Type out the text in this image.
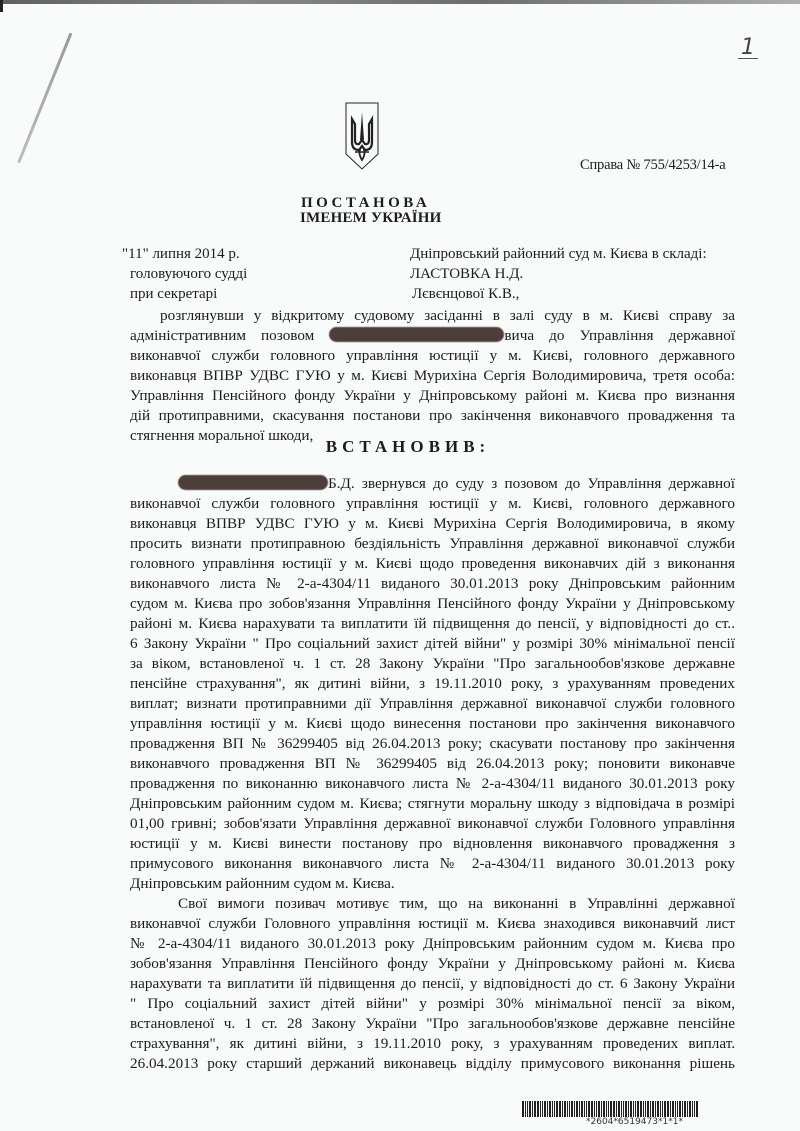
1
Справа № 755/4253/14-а
ПОСТАНОВА
ІМЕНЕМ УКРАЇНИ
"11" липня 2014 р.	Дніпровський районний суд м. Києва в складі:
головуючого судді	ЛАСТОВКА Н.Д.
при секретарі	Лєвєнцової К.В.,
розглянувши у відкритому судовому засіданні в залі суду в м. Києві справу за
адміністративним позовом	вича до Управління державної
виконавчої служби головного управління юстиції у м. Києві, головного державного
виконавця ВПВР УДВС ГУЮ у м. Києві Мурихіна Сергія Володимировича, третя особа:
Управління Пенсійного фонду України у Дніпровському районі м. Києва про визнання
дій протиправними, скасування постанови про закінчення виконавчого провадження та
стягнення моральної шкоди,
ВСТАНОВИВ:
Б.Д. звернувся до суду з позовом до Управління державної
виконавчої служби головного управління юстиції у м. Києві, головного державного
виконавця ВПВР УДВС ГУЮ у м. Києві Мурихіна Сергія Володимировича, в якому
просить визнати протиправною бездіяльність Управління державної виконавчої служби
головного управління юстиції у м. Києві щодо проведення виконавчих дій з виконання
виконавчого листа № 2-а-4304/11 виданого 30.01.2013 року Дніпровським районним
судом м. Києва про зобов'язання Управління Пенсійного фонду України у Дніпровському
районі м. Києва нарахувати та виплатити їй підвищення до пенсії, у відповідності до ст..
6 Закону України " Про соціальний захист дітей війни" у розмірі 30% мінімальної пенсії
за віком, встановленої ч. 1 ст. 28 Закону України "Про загальнообов'язкове державне
пенсійне страхування", як дитині війни, з 19.11.2010 року, з урахуванням проведених
виплат; визнати протиправними дії Управління державної виконавчої служби головного
управління юстиції у м. Києві щодо винесення постанови про закінчення виконавчого
провадження ВП № 36299405 від 26.04.2013 року; скасувати постанову про закінчення
виконавчого провадження ВП № 36299405 від 26.04.2013 року; поновити виконавче
провадження по виконанню виконавчого листа № 2-а-4304/11 виданого 30.01.2013 року
Дніпровським районним судом м. Києва; стягнути моральну шкоду з відповідача в розмірі
01,00 гривні; зобов'язати Управління державної виконавчої служби Головного управління
юстиції у м. Києві винести постанову про відновлення виконавчого провадження з
примусового виконання виконавчого листа № 2-а-4304/11 виданого 30.01.2013 року
Дніпровським районним судом м. Києва.
Свої вимоги позивач мотивує тим, що на виконанні в Управлінні державної
виконавчої служби Головного управління юстиції м. Києва знаходився виконавчий лист
№ 2-а-4304/11 виданого 30.01.2013 року Дніпровським районним судом м. Києва про
зобов'язання Управління Пенсійного фонду України у Дніпровському районі м. Києва
нарахувати та виплатити їй підвищення до пенсії, у відповідності до ст. 6 Закону України
" Про соціальний захист дітей війни" у розмірі 30% мінімальної пенсії за віком,
встановленої ч. 1 ст. 28 Закону України "Про загальнообов'язкове державне пенсійне
страхування", як дитині війни, з 19.11.2010 року, з урахуванням проведених виплат.
26.04.2013 року старший держаний виконавець відділу примусового виконання рішень
*2604*6519473*1*1*
